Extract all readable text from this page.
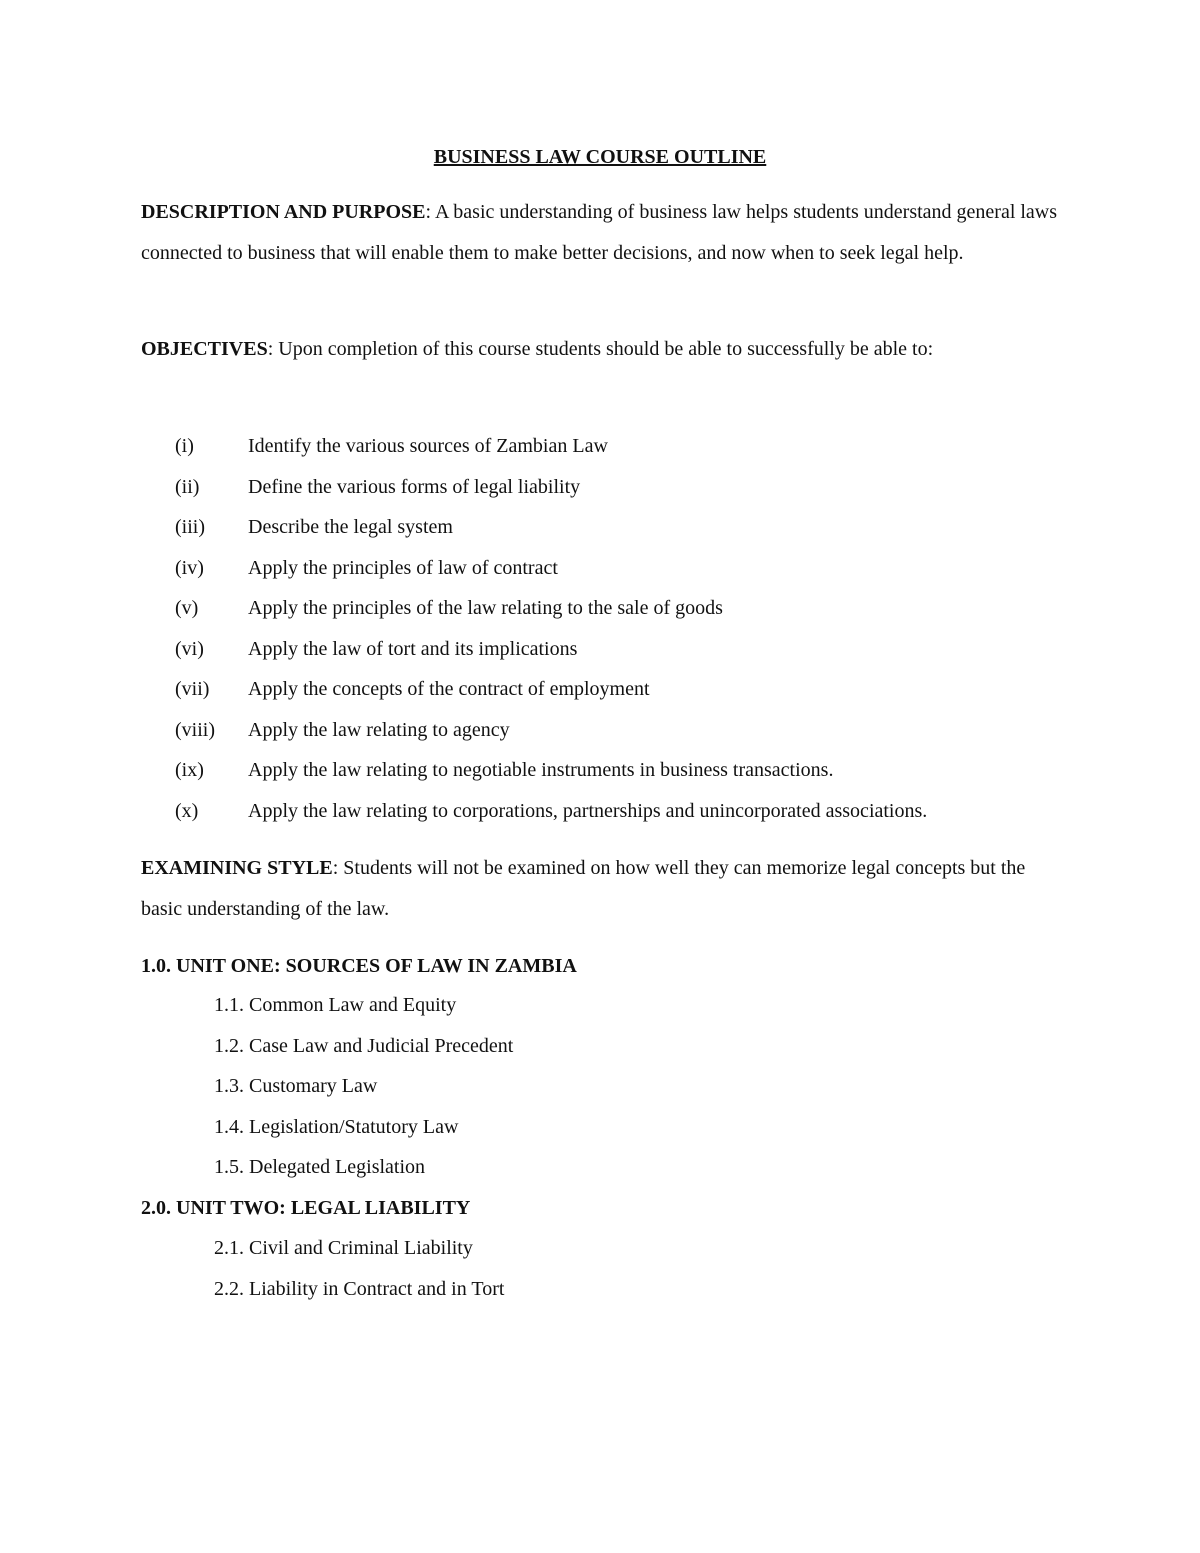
BUSINESS LAW COURSE OUTLINE
DESCRIPTION AND PURPOSE: A basic understanding of business law helps students understand general laws connected to business that will enable them to make better decisions, and now when to seek legal help.
OBJECTIVES: Upon completion of this course students should be able to successfully be able to:
(i)	Identify the various sources of Zambian Law
(ii) Define the various forms of legal liability
(iii) Describe the legal system
(iv) Apply the principles of law of contract
(v) Apply the principles of the law relating to the sale of goods
(vi) Apply the law of tort and its implications
(vii) Apply the concepts of the contract of employment
(viii) Apply the law relating to agency
(ix) Apply the law relating to negotiable instruments in business transactions.
(x) Apply the law relating to corporations, partnerships and unincorporated associations.
EXAMINING STYLE: Students will not be examined on how well they can memorize legal concepts but the basic understanding of the law.
1.0. UNIT ONE: SOURCES OF LAW IN ZAMBIA
1.1. Common Law and Equity
1.2. Case Law and Judicial Precedent
1.3. Customary Law
1.4. Legislation/Statutory Law
1.5. Delegated Legislation
2.0. UNIT TWO: LEGAL LIABILITY
2.1. Civil and Criminal Liability
2.2. Liability in Contract and in Tort
